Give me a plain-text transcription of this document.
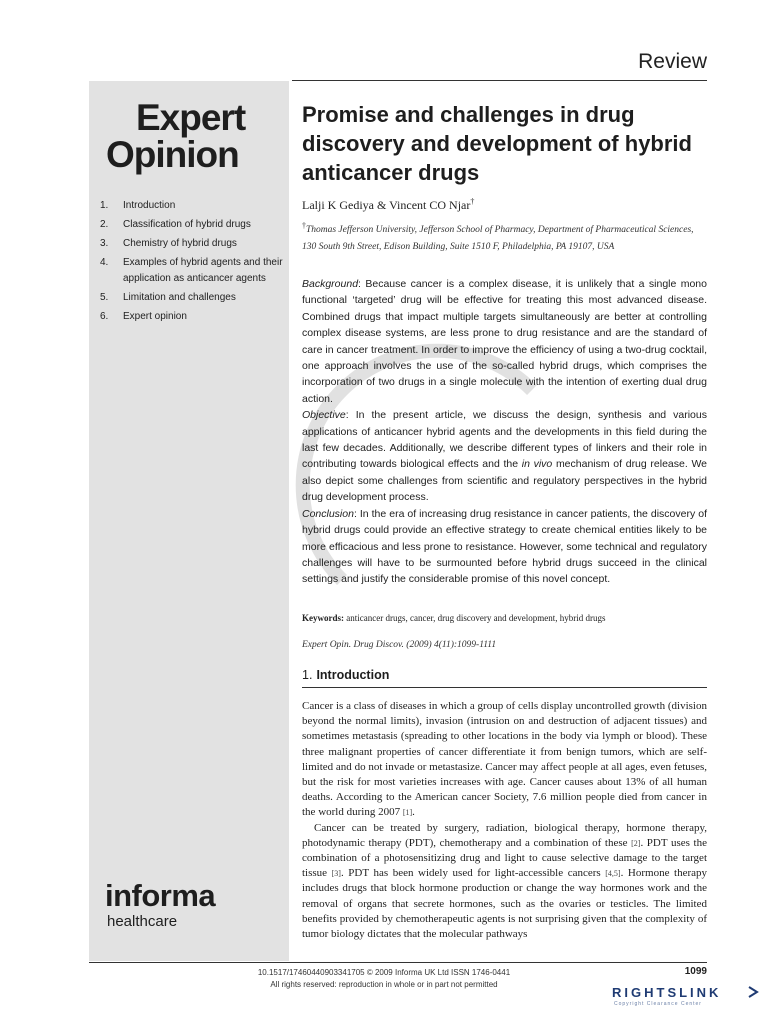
Review
Expert
Opinion
1. Introduction
2. Classification of hybrid drugs
3. Chemistry of hybrid drugs
4. Examples of hybrid agents and their application as anticancer agents
5. Limitation and challenges
6. Expert opinion
informa
healthcare
Promise and challenges in drug discovery and development of hybrid anticancer drugs
Lalji K Gediya & Vincent CO Njar†
†Thomas Jefferson University, Jefferson School of Pharmacy, Department of Pharmaceutical Sciences, 130 South 9th Street, Edison Building, Suite 1510 F, Philadelphia, PA 19107, USA

Background: Because cancer is a complex disease, it is unlikely that a single mono functional ‘targeted’ drug will be effective for treating this most advanced disease. Combined drugs that impact multiple targets simultaneously are better at controlling complex disease systems, are less prone to drug resistance and are the standard of care in cancer treatment. In order to improve the efficiency of using a two-drug cocktail, one approach involves the use of the so-called hybrid drugs, which comprises the incorporation of two drugs in a single molecule with the intention of exerting dual drug action.

Objective: In the present article, we discuss the design, synthesis and various applications of anticancer hybrid agents and the developments in this field during the last few decades. Additionally, we describe different types of linkers and their role in contributing towards biological effects and the in vivo mechanism of drug release. We also depict some challenges from scientific and regulatory perspectives in the hybrid drug development process.

Conclusion: In the era of increasing drug resistance in cancer patients, the discovery of hybrid drugs could provide an effective strategy to create chemical entities likely to be more efficacious and less prone to resistance. However, some technical and regulatory challenges will have to be surmounted before hybrid drugs succeed in the clinical settings and justify the considerable promise of this novel concept.

Keywords: anticancer drugs, cancer, drug discovery and development, hybrid drugs
Expert Opin. Drug Discov. (2009) 4(11):1099-1111
1. Introduction

Cancer is a class of diseases in which a group of cells display uncontrolled growth (division beyond the normal limits), invasion (intrusion on and destruction of adjacent tissues) and sometimes metastasis (spreading to other locations in the body via lymph or blood). These three malignant properties of cancer differentiate it from benign tumors, which are self-limited and do not invade or metastasize. Cancer may affect people at all ages, even fetuses, but the risk for most varieties increases with age. Cancer causes about 13% of all human deaths. According to the American cancer Society, 7.6 million people died from cancer in the world during 2007 [1].

Cancer can be treated by surgery, radiation, biological therapy, hormone therapy, photodynamic therapy (PDT), chemotherapy and a combination of these [2]. PDT uses the combination of a photosensitizing drug and light to cause selective damage to the target tissue [3]. PDT has been widely used for light-accessible cancers [4,5]. Hormone therapy includes drugs that block hormone production or change the way hormones work and the removal of organs that secrete hormones, such as the ovaries or testicles. The limited benefits provided by chemotherapeutic agents is not surprising given that the complexity of tumor biology dictates that the molecular pathways

10.1517/17460440903341705 © 2009 Informa UK Ltd ISSN 1746-0441
All rights reserved: reproduction in whole or in part not permitted
1099
RIGHTSLINK
Copyright Clearance Center
